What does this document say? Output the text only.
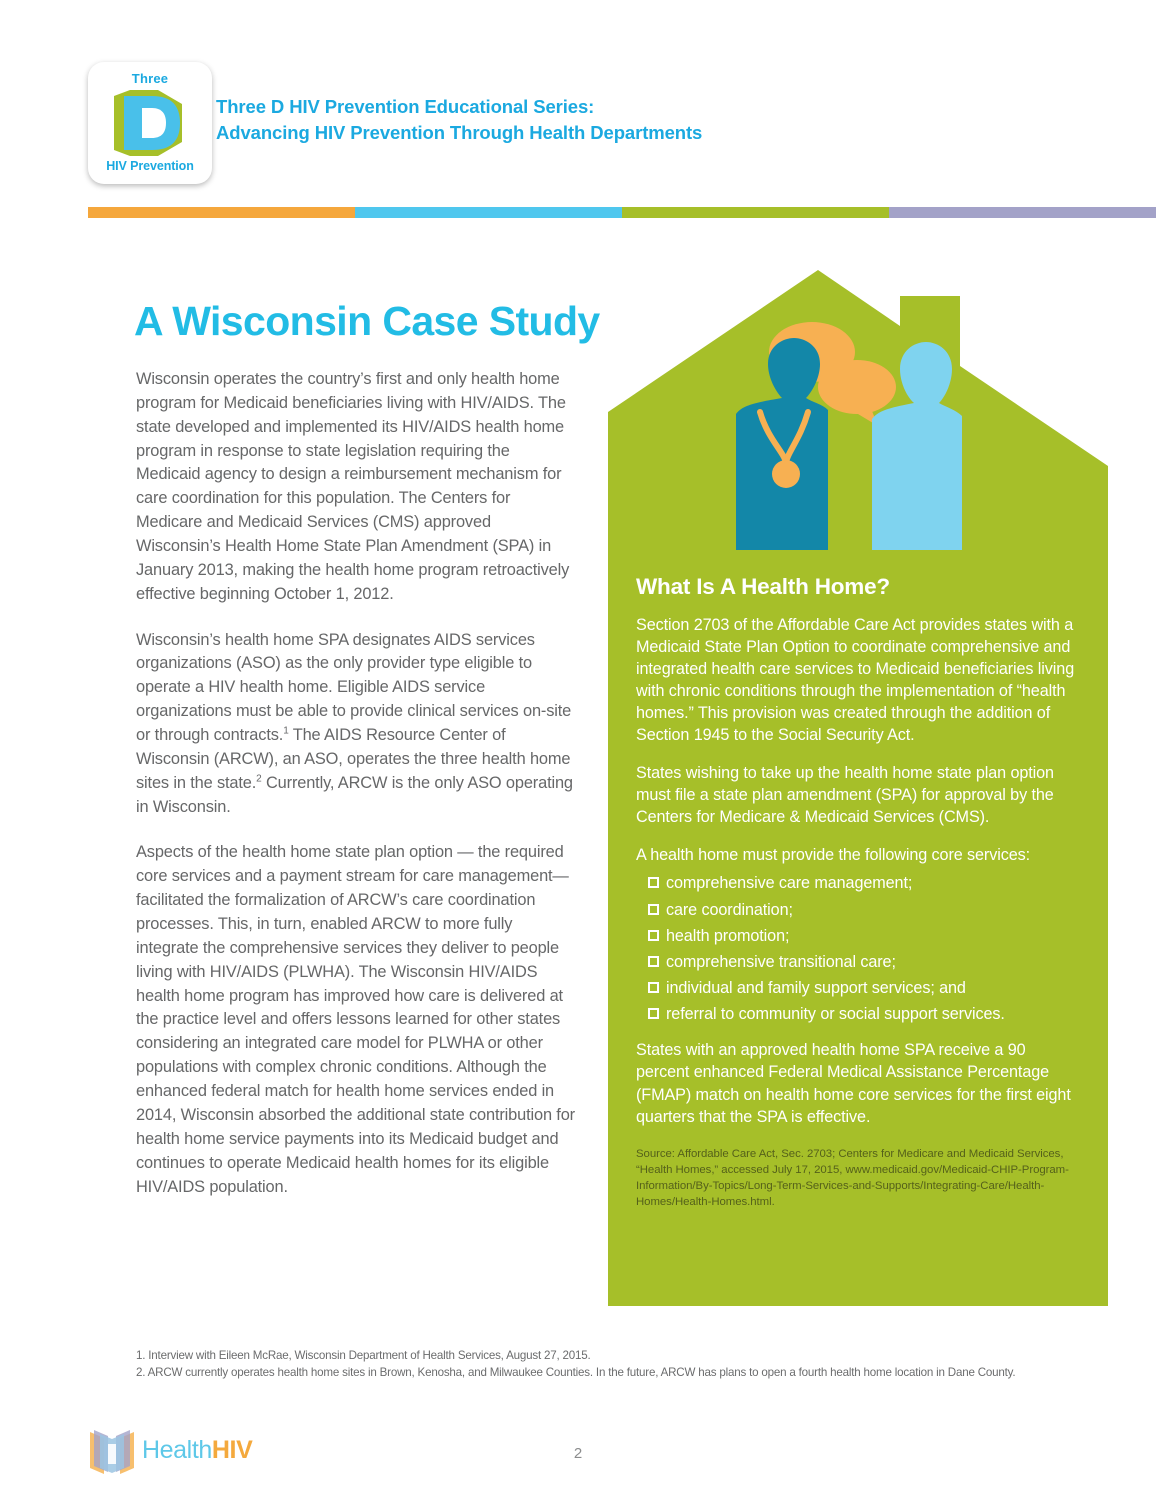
Three
HIV Prevention
Three D HIV Prevention Educational Series:
Advancing HIV Prevention Through Health Departments
A Wisconsin Case Study

Wisconsin operates the country’s first and only health home program for Medicaid beneficiaries living with HIV/AIDS. The state developed and implemented its HIV/AIDS health home program in response to state legislation requiring the Medicaid agency to design a reimbursement mechanism for care coordination for this population. The Centers for Medicare and Medicaid Services (CMS) approved Wisconsin’s Health Home State Plan Amendment (SPA) in January 2013, making the health home program retroactively effective beginning October 1, 2012.

Wisconsin’s health home SPA designates AIDS services organizations (ASO) as the only provider type eligible to operate a HIV health home. Eligible AIDS service organizations must be able to provide clinical services on-site or through contracts.$^1$ The AIDS Resource Center of Wisconsin (ARCW), an ASO, operates the three health home sites in the state.$^2$ Currently, ARCW is the only ASO operating in Wisconsin.

Aspects of the health home state plan option — the required core services and a payment stream for care management—facilitated the formalization of ARCW’s care coordination processes. This, in turn, enabled ARCW to more fully integrate the comprehensive services they deliver to people living with HIV/AIDS (PLWHA). The Wisconsin HIV/AIDS health home program has improved how care is delivered at the practice level and offers lessons learned for other states considering an integrated care model for PLWHA or other populations with complex chronic conditions. Although the enhanced federal match for health home services ended in 2014, Wisconsin absorbed the additional state contribution for health home service payments into its Medicaid budget and continues to operate Medicaid health homes for its eligible HIV/AIDS population.

What Is A Health Home?
Section 2703 of the Affordable Care Act provides states with a Medicaid State Plan Option to coordinate comprehensive and integrated health care services to Medicaid beneficiaries living with chronic conditions through the implementation of “health homes.” This provision was created through the addition of Section 1945 to the Social Security Act.
States wishing to take up the health home state plan option must file a state plan amendment (SPA) for approval by the Centers for Medicare & Medicaid Services (CMS).
A health home must provide the following core services:
comprehensive care management;
care coordination;
health promotion;
comprehensive transitional care;
individual and family support services; and
referral to community or social support services.
States with an approved health home SPA receive a 90 percent enhanced Federal Medical Assistance Percentage (FMAP) match on health home core services for the first eight quarters that the SPA is effective.
Source: Affordable Care Act, Sec. 2703; Centers for Medicare and Medicaid Services, “Health Homes,” accessed July 17, 2015, www.medicaid.gov/Medicaid-CHIP-Program-Information/By-Topics/Long-Term-Services-and-Supports/Integrating-Care/Health-Homes/Health-Homes.html.
1. Interview with Eileen McRae, Wisconsin Department of Health Services, August 27, 2015.
2. ARCW currently operates health home sites in Brown, Kenosha, and Milwaukee Counties. In the future, ARCW has plans to open a fourth health home location in Dane County.
HealthHIV	2
